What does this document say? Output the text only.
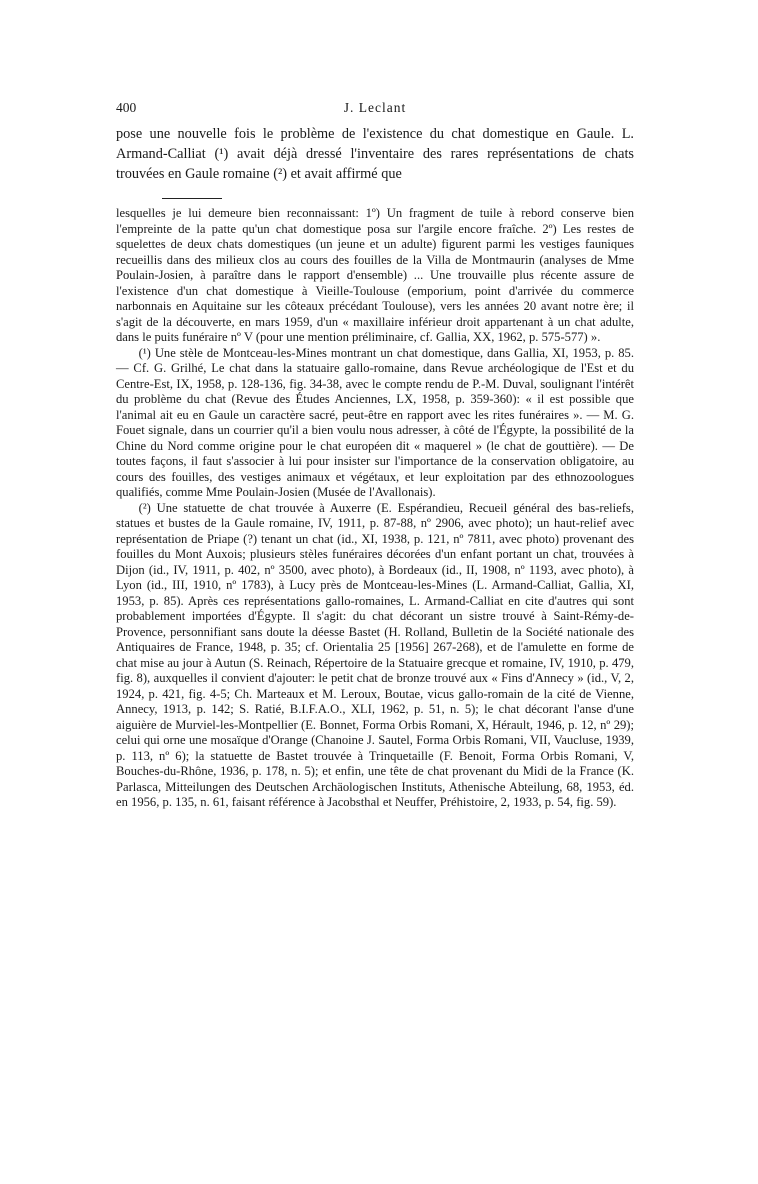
400	J. Leclant
pose une nouvelle fois le problème de l'existence du chat domestique en Gaule. L. Armand-Calliat (¹) avait déjà dressé l'inventaire des rares représentations de chats trouvées en Gaule romaine (²) et avait affirmé que

lesquelles je lui demeure bien reconnaissant: 1º) Un fragment de tuile à rebord conserve bien l'empreinte de la patte qu'un chat domestique posa sur l'argile encore fraîche. 2º) Les restes de squelettes de deux chats domestiques (un jeune et un adulte) figurent parmi les vestiges fauniques recueillis dans des milieux clos au cours des fouilles de la Villa de Montmaurin (analyses de Mme Poulain-Josien, à paraître dans le rapport d'ensemble) ... Une trouvaille plus récente assure de l'existence d'un chat domestique à Vieille-Toulouse (emporium, point d'arrivée du commerce narbonnais en Aquitaine sur les côteaux précédant Toulouse), vers les années 20 avant notre ère; il s'agit de la découverte, en mars 1959, d'un « maxillaire inférieur droit appartenant à un chat adulte, dans le puits funéraire nº V (pour une mention préliminaire, cf. Gallia, XX, 1962, p. 575-577) ».

(¹) Une stèle de Montceau-les-Mines montrant un chat domestique, dans Gallia, XI, 1953, p. 85. — Cf. G. Grilhé, Le chat dans la statuaire gallo-romaine, dans Revue archéologique de l'Est et du Centre-Est, IX, 1958, p. 128-136, fig. 34-38, avec le compte rendu de P.-M. Duval, soulignant l'intérêt du problème du chat (Revue des Études Anciennes, LX, 1958, p. 359-360): « il est possible que l'animal ait eu en Gaule un caractère sacré, peut-être en rapport avec les rites funéraires ». — M. G. Fouet signale, dans un courrier qu'il a bien voulu nous adresser, à côté de l'Égypte, la possibilité de la Chine du Nord comme origine pour le chat européen dit « maquerel » (le chat de gouttière). — De toutes façons, il faut s'associer à lui pour insister sur l'importance de la conservation obligatoire, au cours des fouilles, des vestiges animaux et végétaux, et leur exploitation par des ethnozoologues qualifiés, comme Mme Poulain-Josien (Musée de l'Avallonais).

(²) Une statuette de chat trouvée à Auxerre (E. Espérandieu, Recueil général des bas-reliefs, statues et bustes de la Gaule romaine, IV, 1911, p. 87-88, nº 2906, avec photo); un haut-relief avec représentation de Priape (?) tenant un chat (id., XI, 1938, p. 121, nº 7811, avec photo) provenant des fouilles du Mont Auxois; plusieurs stèles funéraires décorées d'un enfant portant un chat, trouvées à Dijon (id., IV, 1911, p. 402, nº 3500, avec photo), à Bordeaux (id., II, 1908, nº 1193, avec photo), à Lyon (id., III, 1910, nº 1783), à Lucy près de Montceau-les-Mines (L. Armand-Calliat, Gallia, XI, 1953, p. 85). Après ces représentations gallo-romaines, L. Armand-Calliat en cite d'autres qui sont probablement importées d'Égypte. Il s'agit: du chat décorant un sistre trouvé à Saint-Rémy-de-Provence, personnifiant sans doute la déesse Bastet (H. Rolland, Bulletin de la Société nationale des Antiquaires de France, 1948, p. 35; cf. Orientalia 25 [1956] 267-268), et de l'amulette en forme de chat mise au jour à Autun (S. Reinach, Répertoire de la Statuaire grecque et romaine, IV, 1910, p. 479, fig. 8), auxquelles il convient d'ajouter: le petit chat de bronze trouvé aux « Fins d'Annecy » (id., V, 2, 1924, p. 421, fig. 4-5; Ch. Marteaux et M. Leroux, Boutae, vicus gallo-romain de la cité de Vienne, Annecy, 1913, p. 142; S. Ratié, B.I.F.A.O., XLI, 1962, p. 51, n. 5); le chat décorant l'anse d'une aiguière de Murviel-les-Montpellier (E. Bonnet, Forma Orbis Romani, X, Hérault, 1946, p. 12, nº 29); celui qui orne une mosaïque d'Orange (Chanoine J. Sautel, Forma Orbis Romani, VII, Vaucluse, 1939, p. 113, nº 6); la statuette de Bastet trouvée à Trinquetaille (F. Benoit, Forma Orbis Romani, V, Bouches-du-Rhône, 1936, p. 178, n. 5); et enfin, une tête de chat provenant du Midi de la France (K. Parlasca, Mitteilungen des Deutschen Archäologischen Instituts, Athenische Abteilung, 68, 1953, éd. en 1956, p. 135, n. 61, faisant référence à Jacobsthal et Neuffer, Préhistoire, 2, 1933, p. 54, fig. 59).
